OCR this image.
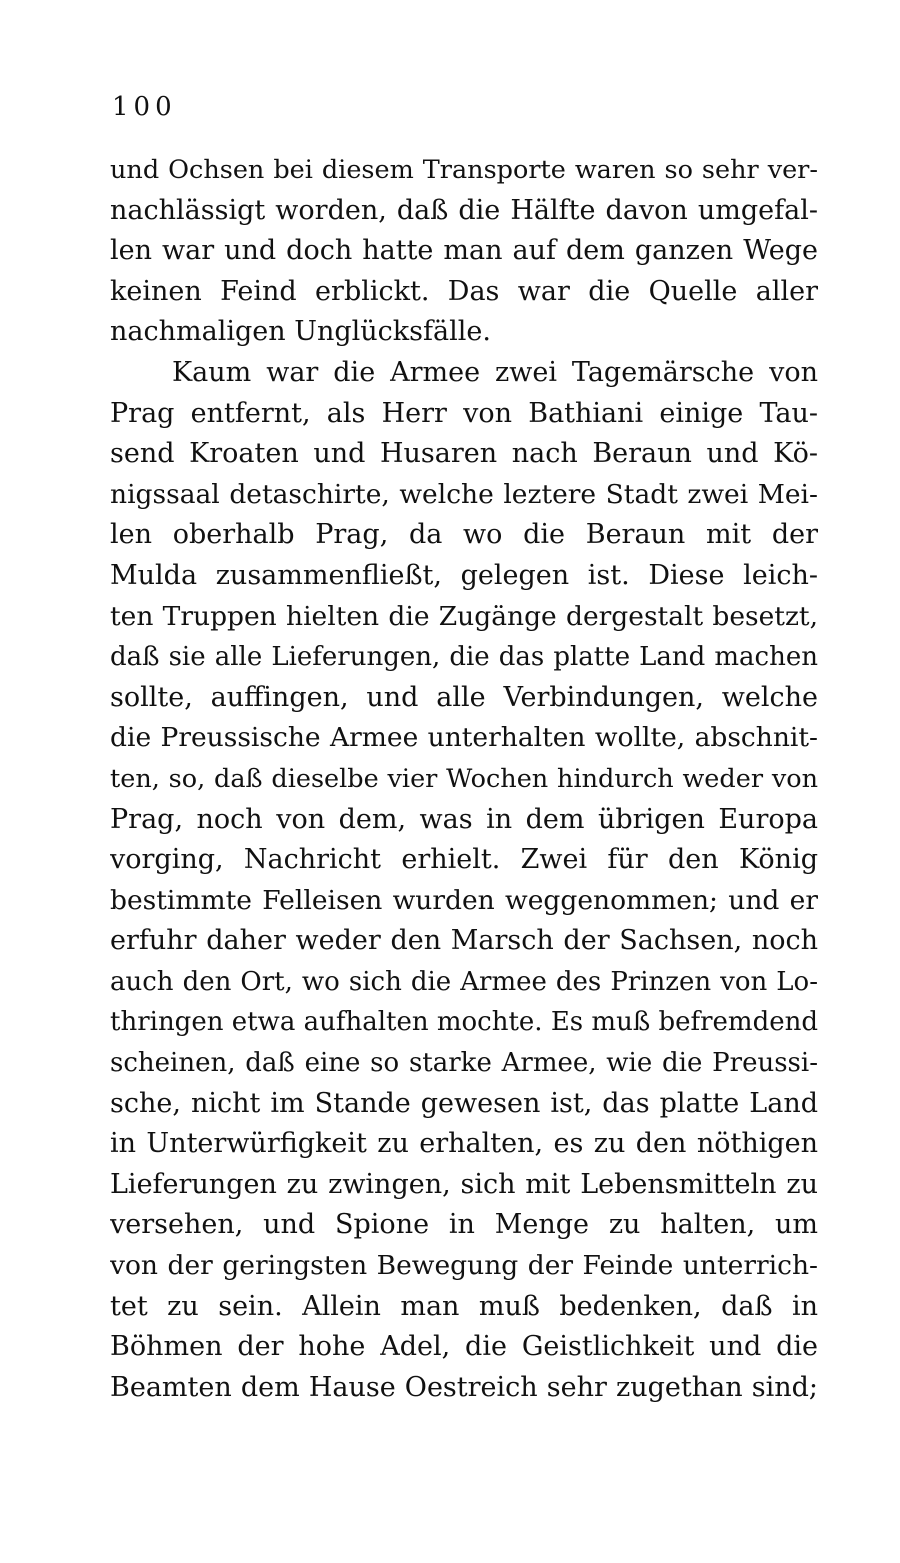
100
und Ochsen bei diesem Transporte waren so sehr ver-
nachlässigt worden, daß die Hälfte davon umgefal-
len war und doch hatte man auf dem ganzen Wege
keinen Feind erblickt. Das war die Quelle aller
nachmaligen Unglücksfälle.
Kaum war die Armee zwei Tagemärsche von
Prag entfernt, als Herr von Bathiani einige Tau-
send Kroaten und Husaren nach Beraun und Kö-
nigssaal detaschirte, welche leztere Stadt zwei Mei-
len oberhalb Prag, da wo die Beraun mit der
Mulda zusammenfließt, gelegen ist. Diese leich-
ten Truppen hielten die Zugänge dergestalt besetzt,
daß sie alle Lieferungen, die das platte Land machen
sollte, auffingen, und alle Verbindungen, welche
die Preussische Armee unterhalten wollte, abschnit-
ten, so, daß dieselbe vier Wochen hindurch weder von
Prag, noch von dem, was in dem übrigen Europa
vorging, Nachricht erhielt. Zwei für den König
bestimmte Felleisen wurden weggenommen; und er
erfuhr daher weder den Marsch der Sachsen, noch
auch den Ort, wo sich die Armee des Prinzen von Lo-
thringen etwa aufhalten mochte. Es muß befremdend
scheinen, daß eine so starke Armee, wie die Preussi-
sche, nicht im Stande gewesen ist, das platte Land
in Unterwürfigkeit zu erhalten, es zu den nöthigen
Lieferungen zu zwingen, sich mit Lebensmitteln zu
versehen, und Spione in Menge zu halten, um
von der geringsten Bewegung der Feinde unterrich-
tet zu sein. Allein man muß bedenken, daß in
Böhmen der hohe Adel, die Geistlichkeit und die
Beamten dem Hause Oestreich sehr zugethan sind;
